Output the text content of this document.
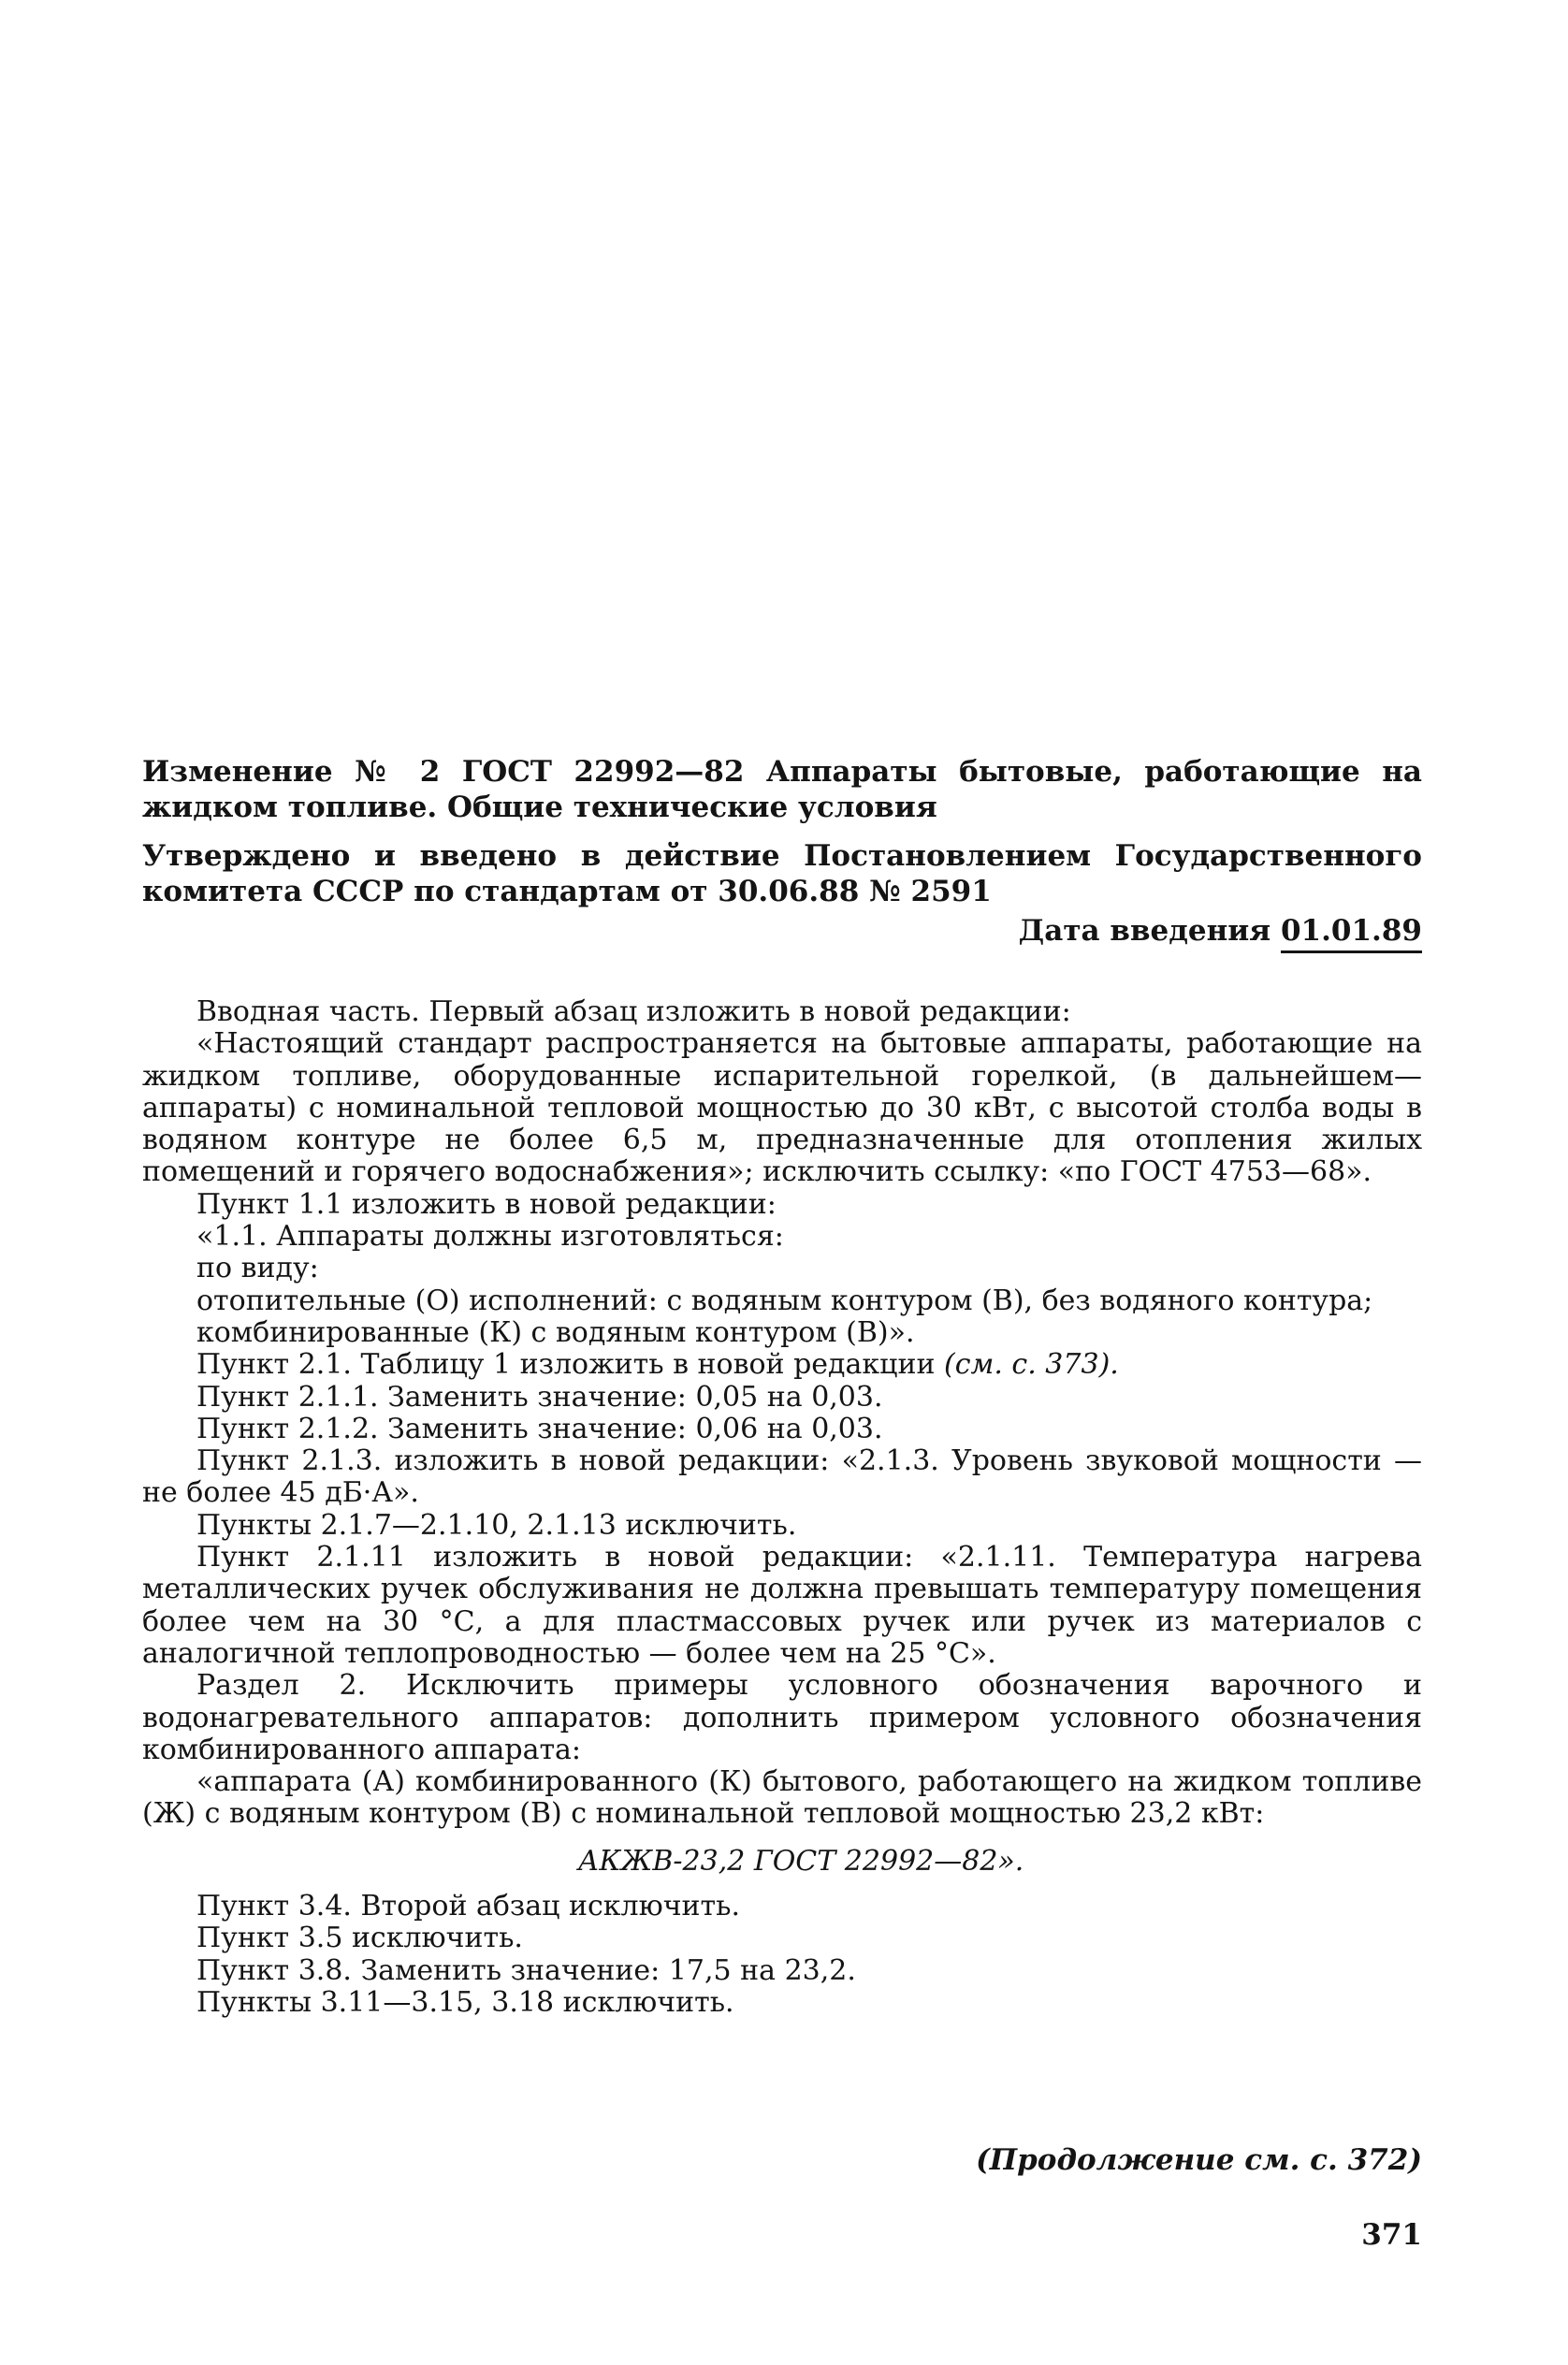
Изменение № 2 ГОСТ 22992—82 Аппараты бытовые, работающие на жидком топливе. Общие технические условия

Утверждено и введено в действие Постановлением Государственного комитета СССР по стандартам от 30.06.88 № 2591

Дата введения 01.01.89

Вводная часть. Первый абзац изложить в новой редакции:

«Настоящий стандарт распространяется на бытовые аппараты, работающие на жидком топливе, оборудованные испарительной горелкой, (в дальнейшем— аппараты) с номинальной тепловой мощностью до 30 кВт, с высотой столба воды в водяном контуре не более 6,5 м, предназначенные для отопления жилых помещений и горячего водоснабжения»; исключить ссылку: «по ГОСТ 4753—68».

Пункт 1.1 изложить в новой редакции:

«1.1. Аппараты должны изготовляться:

по виду:

отопительные (О) исполнений: с водяным контуром (В), без водяного контура;

комбинированные (К) с водяным контуром (В)».

Пункт 2.1. Таблицу 1 изложить в новой редакции (см. с. 373).

Пункт 2.1.1. Заменить значение: 0,05 на 0,03.

Пункт 2.1.2. Заменить значение: 0,06 на 0,03.

Пункт 2.1.3. изложить в новой редакции: «2.1.3. Уровень звуковой мощности — не более 45 дБ·А».

Пункты 2.1.7—2.1.10, 2.1.13 исключить.

Пункт 2.1.11 изложить в новой редакции: «2.1.11. Температура нагрева металлических ручек обслуживания не должна превышать температуру помещения более чем на 30 °С, а для пластмассовых ручек или ручек из материалов с аналогичной теплопроводностью — более чем на 25 °С».

Раздел 2. Исключить примеры условного обозначения варочного и водонагревательного аппаратов: дополнить примером условного обозначения комбинированного аппарата:

«аппарата (А) комбинированного (К) бытового, работающего на жидком топливе (Ж) с водяным контуром (В) с номинальной тепловой мощностью 23,2 кВт:

АКЖВ-23,2 ГОСТ 22992—82».

Пункт 3.4. Второй абзац исключить.

Пункт 3.5 исключить.

Пункт 3.8. Заменить значение: 17,5 на 23,2.

Пункты 3.11—3.15, 3.18 исключить.

(Продолжение см. с. 372)
371
